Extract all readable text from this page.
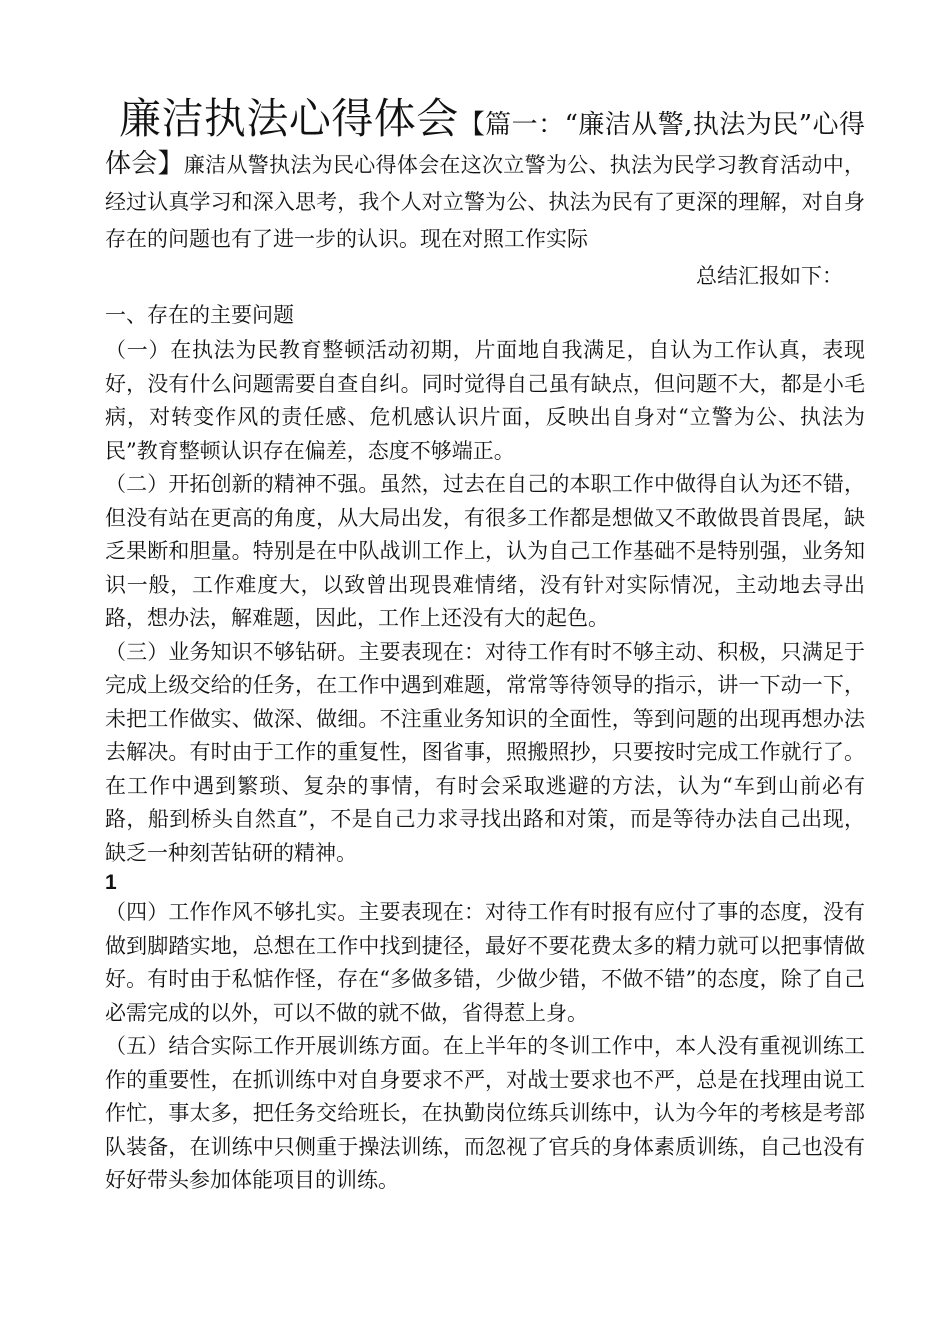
廉洁执法心得体会【篇一：“廉洁从警,执法为民”心得体会】廉洁从警执法为民心得体会在这次立警为公、执法为民学习教育活动中，经过认真学习和深入思考，我个人对立警为公、执法为民有了更深的理解，对自身存在的问题也有了进一步的认识。现在对照工作实际

总结汇报如下：

一、存在的主要问题

（一）在执法为民教育整顿活动初期，片面地自我满足，自认为工作认真，表现好，没有什么问题需要自查自纠。同时觉得自己虽有缺点，但问题不大，都是小毛病，对转变作风的责任感、危机感认识片面，反映出自身对“立警为公、执法为民”教育整顿认识存在偏差，态度不够端正。

（二）开拓创新的精神不强。虽然，过去在自己的本职工作中做得自认为还不错，但没有站在更高的角度，从大局出发，有很多工作都是想做又不敢做畏首畏尾，缺乏果断和胆量。特别是在中队战训工作上，认为自己工作基础不是特别强，业务知识一般，工作难度大，以致曾出现畏难情绪，没有针对实际情况，主动地去寻出路，想办法，解难题，因此，工作上还没有大的起色。

（三）业务知识不够钻研。主要表现在：对待工作有时不够主动、积极，只满足于完成上级交给的任务，在工作中遇到难题，常常等待领导的指示，讲一下动一下，未把工作做实、做深、做细。不注重业务知识的全面性，等到问题的出现再想办法去解决。有时由于工作的重复性，图省事，照搬照抄，只要按时完成工作就行了。在工作中遇到繁琐、复杂的事情，有时会采取逃避的方法，认为“车到山前必有路，船到桥头自然直”，不是自己力求寻找出路和对策，而是等待办法自己出现，缺乏一种刻苦钻研的精神。

1

（四）工作作风不够扎实。主要表现在：对待工作有时报有应付了事的态度，没有做到脚踏实地，总想在工作中找到捷径，最好不要花费太多的精力就可以把事情做好。有时由于私惦作怪，存在“多做多错，少做少错，不做不错”的态度，除了自己必需完成的以外，可以不做的就不做，省得惹上身。

（五）结合实际工作开展训练方面。在上半年的冬训工作中，本人没有重视训练工作的重要性，在抓训练中对自身要求不严，对战士要求也不严，总是在找理由说工作忙，事太多，把任务交给班长，在执勤岗位练兵训练中，认为今年的考核是考部队装备，在训练中只侧重于操法训练，而忽视了官兵的身体素质训练，自己也没有好好带头参加体能项目的训练。
